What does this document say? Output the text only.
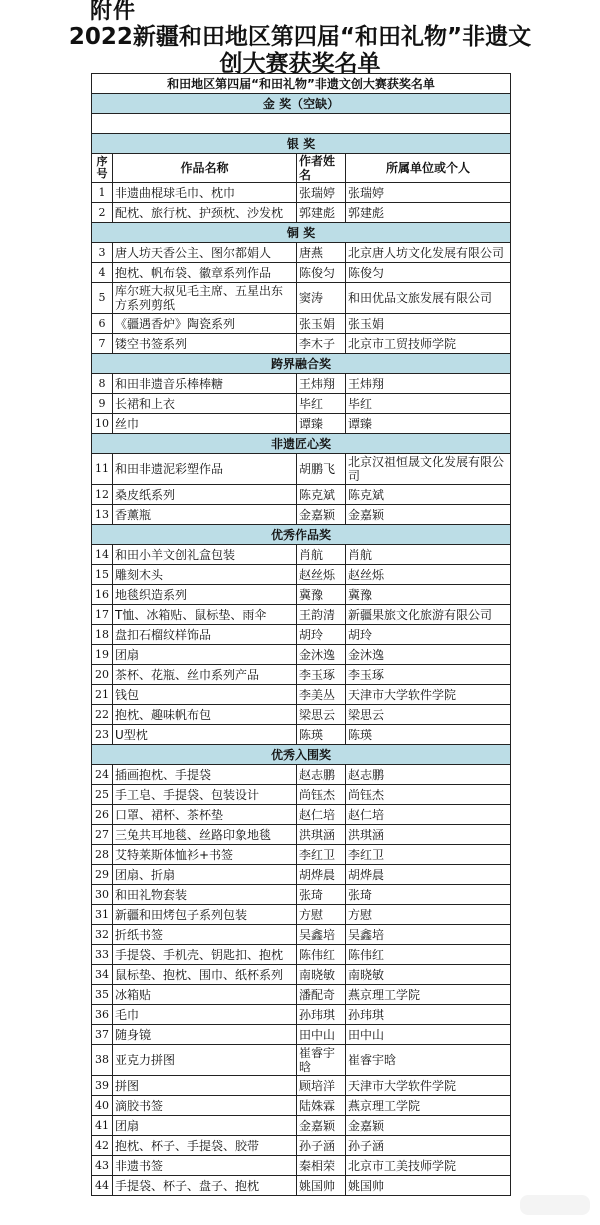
附件
2022新疆和田地区第四届“和田礼物”非遗文
创大赛获奖名单
和田地区第四届“和田礼物”非遗文创大赛获奖名单			
金 奖（空缺）			

银 奖			
序号	作品名称	作者姓名	所属单位或个人
1	非遗曲棍球毛巾、枕巾	张瑞婷	张瑞婷
2	配枕、旅行枕、护颈枕、沙发枕	郭建彪	郭建彪
铜 奖			
3	唐人坊天香公主、图尔都娟人	唐燕	北京唐人坊文化发展有限公司
4	抱枕、帆布袋、徽章系列作品	陈俊匀	陈俊匀
5	库尔班大叔见毛主席、五星出东方系列剪纸	窦涛	和田优品文旅发展有限公司
6	《疆遇香炉》陶瓷系列	张玉娟	张玉娟
7	镂空书签系列	李木子	北京市工贸技师学院
跨界融合奖			
8	和田非遗音乐棒棒糖	王炜翔	王炜翔
9	长裙和上衣	毕红	毕红
10	丝巾	谭臻	谭臻
非遗匠心奖			
11	和田非遗泥彩塑作品	胡鹏飞	北京汉祖恒晟文化发展有限公司
12	桑皮纸系列	陈克斌	陈克斌
13	香薰瓶	金嘉颖	金嘉颖
优秀作品奖			
14	和田小羊文创礼盒包装	肖航	肖航
15	雕刻木头	赵丝烁	赵丝烁
16	地毯织造系列	冀豫	冀豫
17	T恤、冰箱贴、鼠标垫、雨伞	王韵清	新疆果旅文化旅游有限公司
18	盘扣石榴纹样饰品	胡玲	胡玲
19	团扇	金沐逸	金沐逸
20	茶杯、花瓶、丝巾系列产品	李玉琢	李玉琢
21	钱包	李美丛	天津市大学软件学院
22	抱枕、趣味帆布包	梁思云	梁思云
23	U型枕	陈瑛	陈瑛
优秀入围奖			
24	插画抱枕、手提袋	赵志鹏	赵志鹏
25	手工皂、手提袋、包装设计	尚钰杰	尚钰杰
26	口罩、裙杯、茶杯垫	赵仁培	赵仁培
27	三兔共耳地毯、丝路印象地毯	洪琪涵	洪琪涵
28	艾特莱斯体恤衫+书签	李红卫	李红卫
29	团扇、折扇	胡烨晨	胡烨晨
30	和田礼物套装	张琦	张琦
31	新疆和田烤包子系列包装	方慰	方慰
32	折纸书签	吴鑫培	吴鑫培
33	手提袋、手机壳、钥匙扣、抱枕	陈伟红	陈伟红
34	鼠标垫、抱枕、围巾、纸杯系列	南晓敏	南晓敏
35	冰箱贴	潘配奇	燕京理工学院
36	毛巾	孙玮琪	孙玮琪
37	随身镜	田中山	田中山
38	亚克力拼图	崔睿宇晗	崔睿宇晗
39	拼图	顾培洋	天津市大学软件学院
40	滴胶书签	陆姝霖	燕京理工学院
41	团扇	金嘉颖	金嘉颖
42	抱枕、杯子、手提袋、胶带	孙子涵	孙子涵
43	非遗书签	秦相荣	北京市工美技师学院
44	手提袋、杯子、盘子、抱枕	姚国帅	姚国帅
